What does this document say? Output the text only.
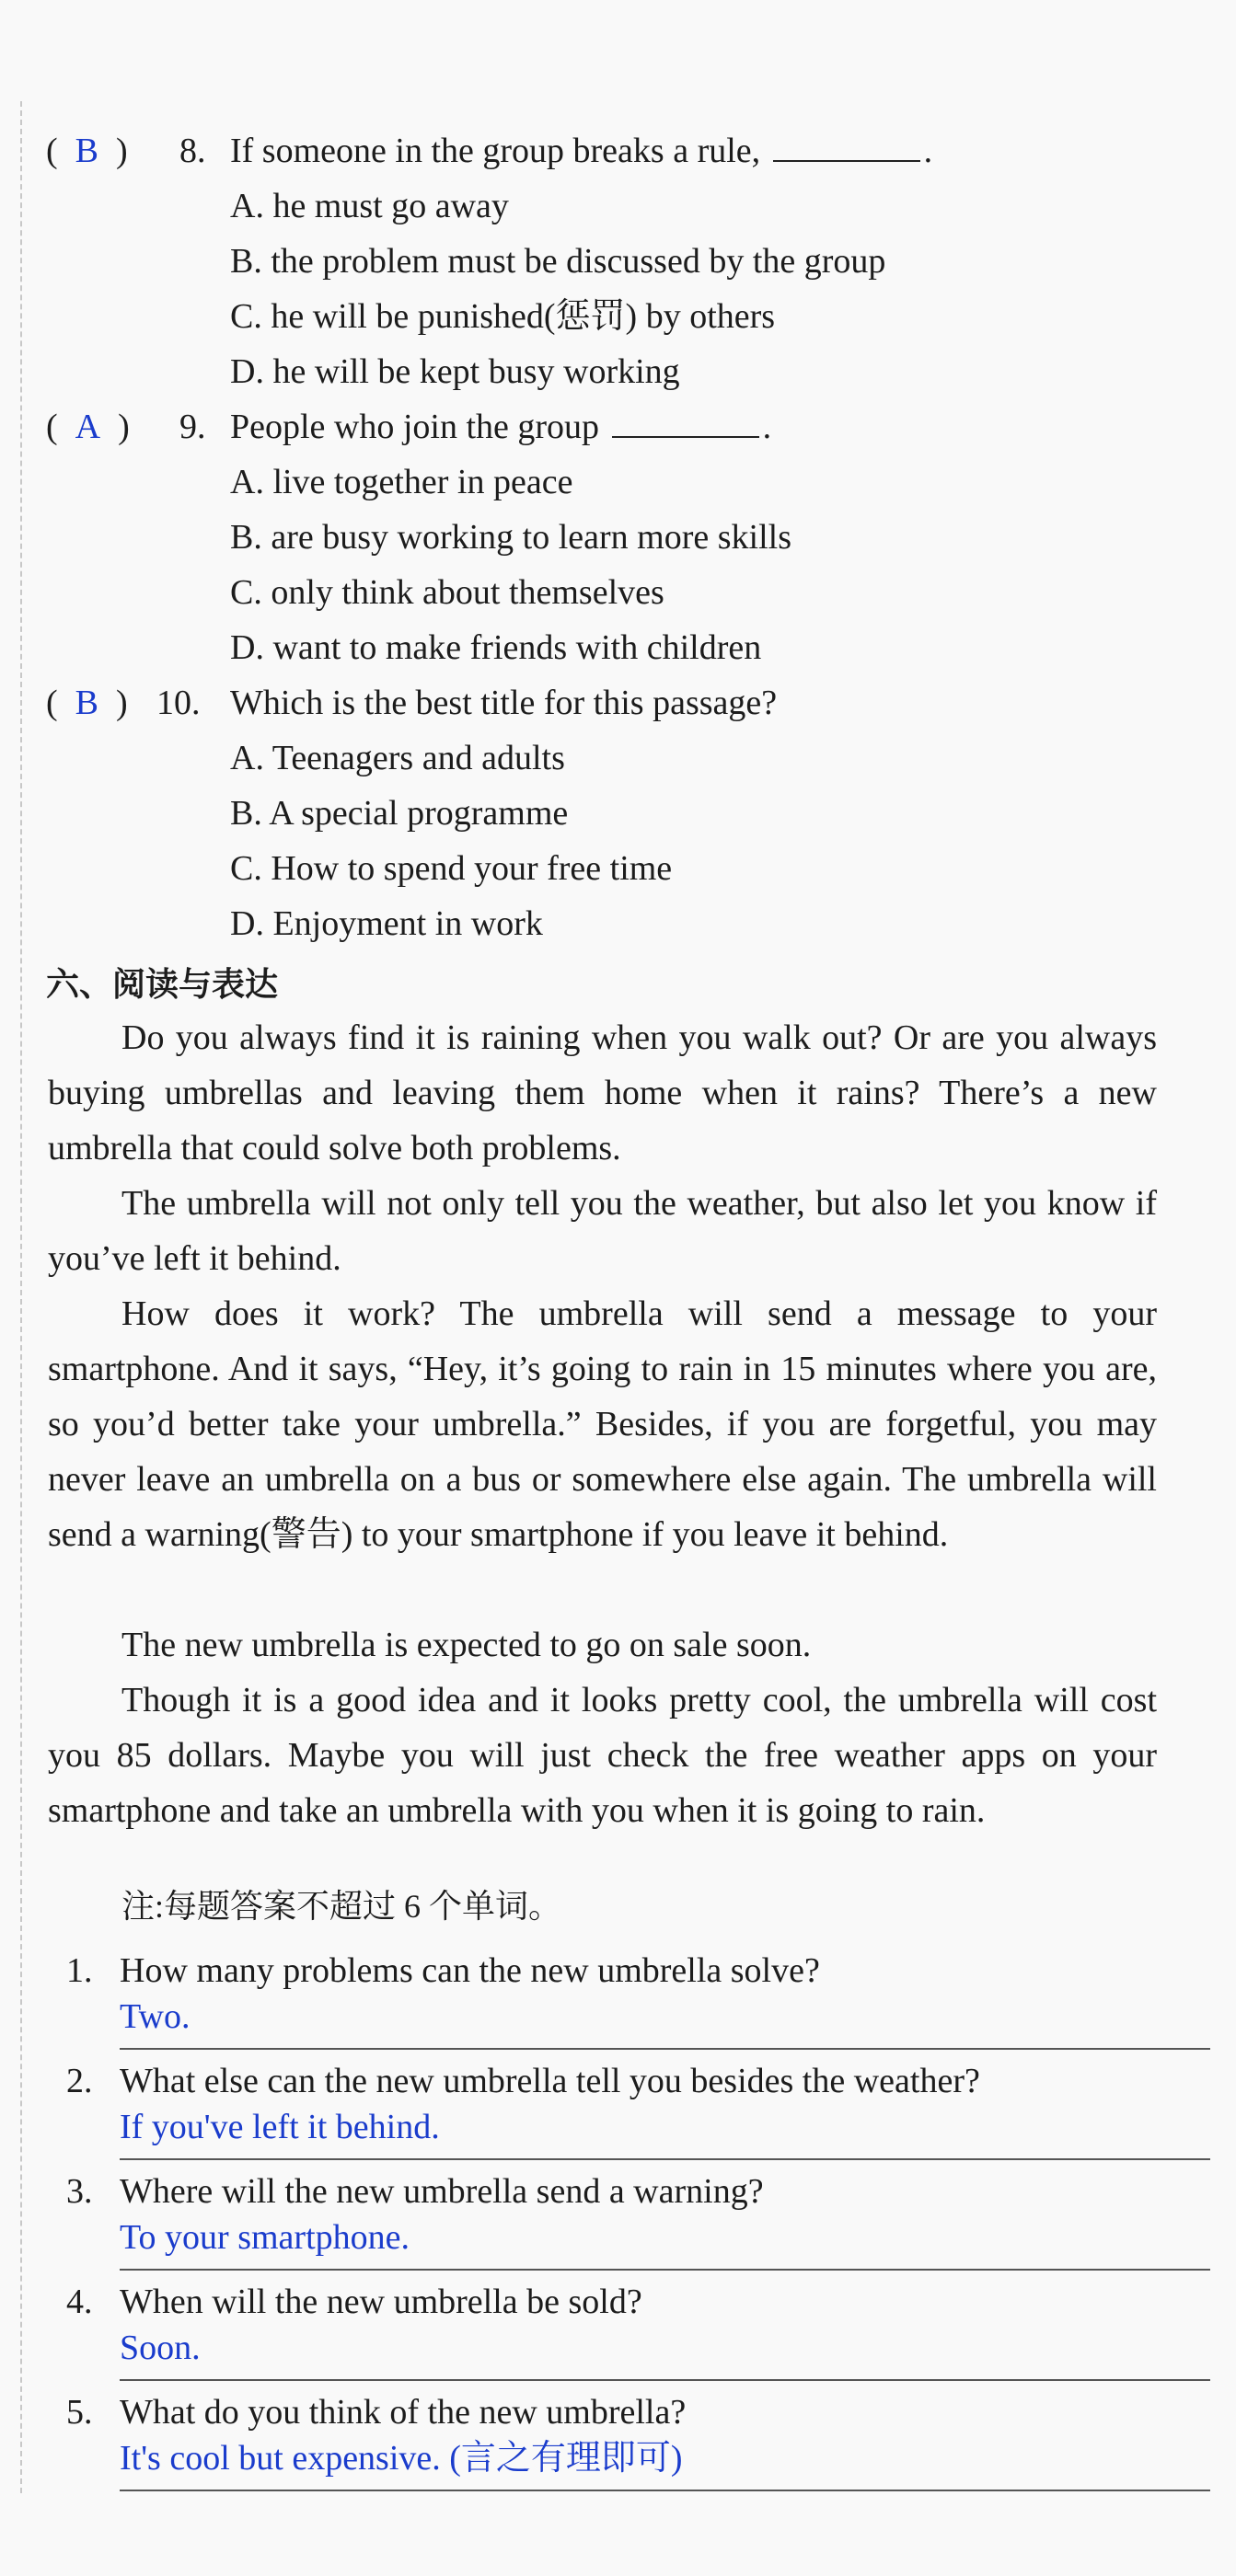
(  B  ) 8. If someone in the group breaks a rule,	.
A. he must go away
B. the problem must be discussed by the group
C. he will be punished(惩罚) by others
D. he will be kept busy working
(  A  ) 9. People who join the group	.
A. live together in peace
B. are busy working to learn more skills
C. only think about themselves
D. want to make friends with children
(  B  ) 10. Which is the best title for this passage?
A. Teenagers and adults
B. A special programme
C. How to spend your free time
D. Enjoyment in work
六、阅读与表达

Do you always find it is raining when you walk out? Or are you always buying umbrellas and leaving them home when it rains? There’s a new umbrella that could solve both problems.

The umbrella will not only tell you the weather, but also let you know if you’ve left it behind.

How does it work? The umbrella will send a message to your smartphone. And it says, “Hey, it’s going to rain in 15 minutes where you are, so you’d better take your umbrella.” Besides, if you are forgetful, you may never leave an umbrella on a bus or somewhere else again. The umbrella will send a warning(警告) to your smartphone if you leave it behind.

The new umbrella is expected to go on sale soon.

Though it is a good idea and it looks pretty cool, the umbrella will cost you 85 dollars. Maybe you will just check the free weather apps on your smartphone and take an umbrella with you when it is going to rain.

注:每题答案不超过 6 个单词。
1. How many problems can the new umbrella solve?
Two.
2. What else can the new umbrella tell you besides the weather?
If you've left it behind.
3. Where will the new umbrella send a warning?
To your smartphone.
4. When will the new umbrella be sold?
Soon.
5. What do you think of the new umbrella?
It's cool but expensive. (言之有理即可)
